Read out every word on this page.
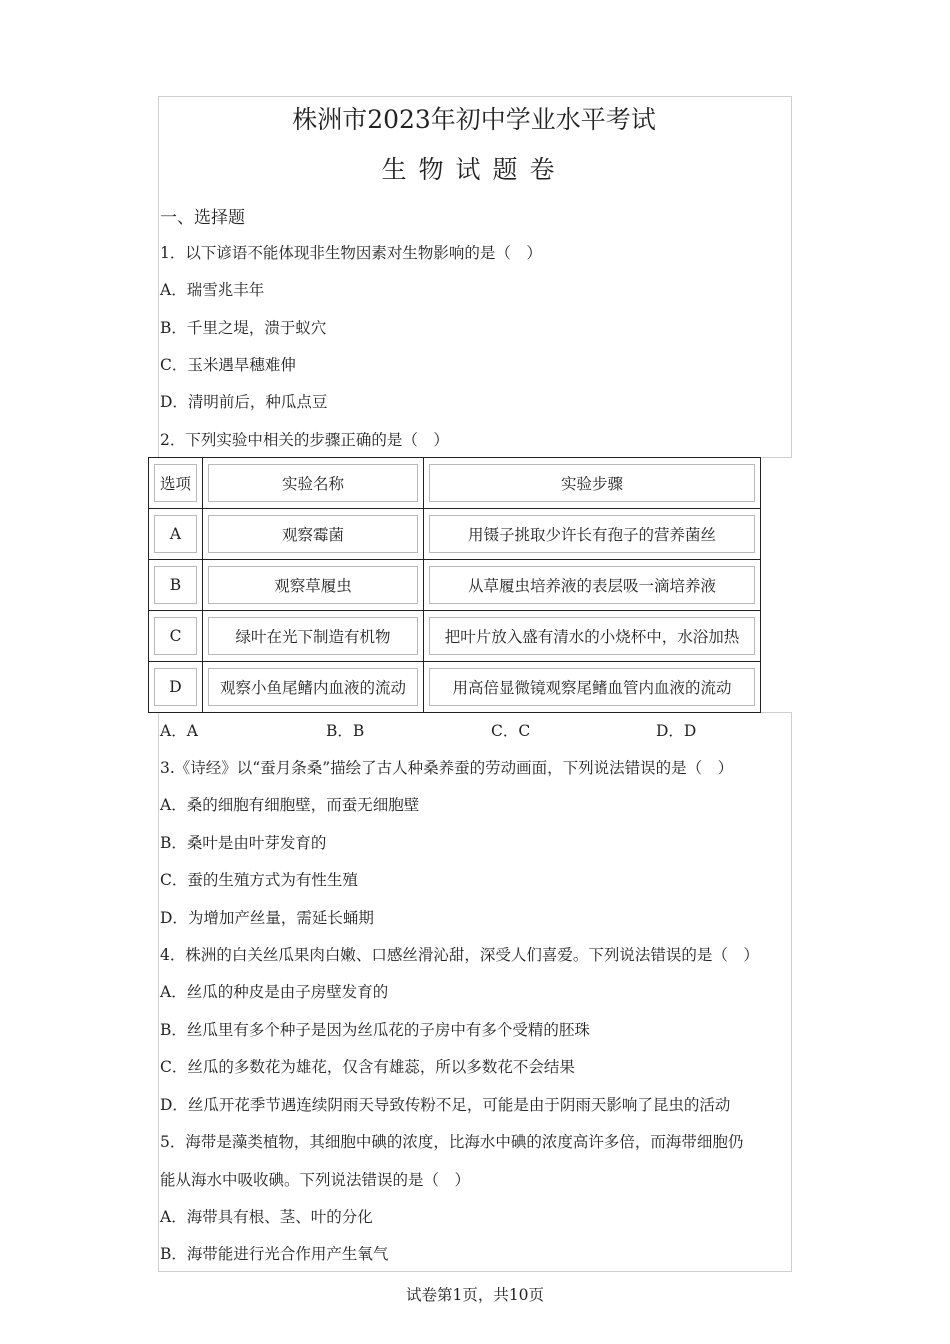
株洲市2023年初中学业水平考试
生物试题卷
一、选择题
1．以下谚语不能体现非生物因素对生物影响的是（　）
A．瑞雪兆丰年
B．千里之堤，溃于蚁穴
C．玉米遇旱穗难伸
D．清明前后，种瓜点豆
2．下列实验中相关的步骤正确的是（　）
选项	实验名称	实验步骤

A	观察霉菌	用镊子挑取少许长有孢子的营养菌丝

B	观察草履虫	从草履虫培养液的表层吸一滴培养液

C	绿叶在光下制造有机物	把叶片放入盛有清水的小烧杯中，水浴加热

D	观察小鱼尾鳍内血液的流动	用高倍显微镜观察尾鳍血管内血液的流动
A．A	B．B	C．C	D．D
3.《诗经》以“蚕月条桑”描绘了古人种桑养蚕的劳动画面，下列说法错误的是（　）
A．桑的细胞有细胞壁，而蚕无细胞壁
B．桑叶是由叶芽发育的
C．蚕的生殖方式为有性生殖
D．为增加产丝量，需延长蛹期
4．株洲的白关丝瓜果肉白嫩、口感丝滑沁甜，深受人们喜爱。下列说法错误的是（　）
A．丝瓜的种皮是由子房壁发育的
B．丝瓜里有多个种子是因为丝瓜花的子房中有多个受精的胚珠
C．丝瓜的多数花为雄花，仅含有雄蕊，所以多数花不会结果
D．丝瓜开花季节遇连续阴雨天导致传粉不足，可能是由于阴雨天影响了昆虫的活动
5．海带是藻类植物，其细胞中碘的浓度，比海水中碘的浓度高许多倍，而海带细胞仍
能从海水中吸收碘。下列说法错误的是（　）
A．海带具有根、茎、叶的分化
B．海带能进行光合作用产生氧气
试卷第1页，共10页
